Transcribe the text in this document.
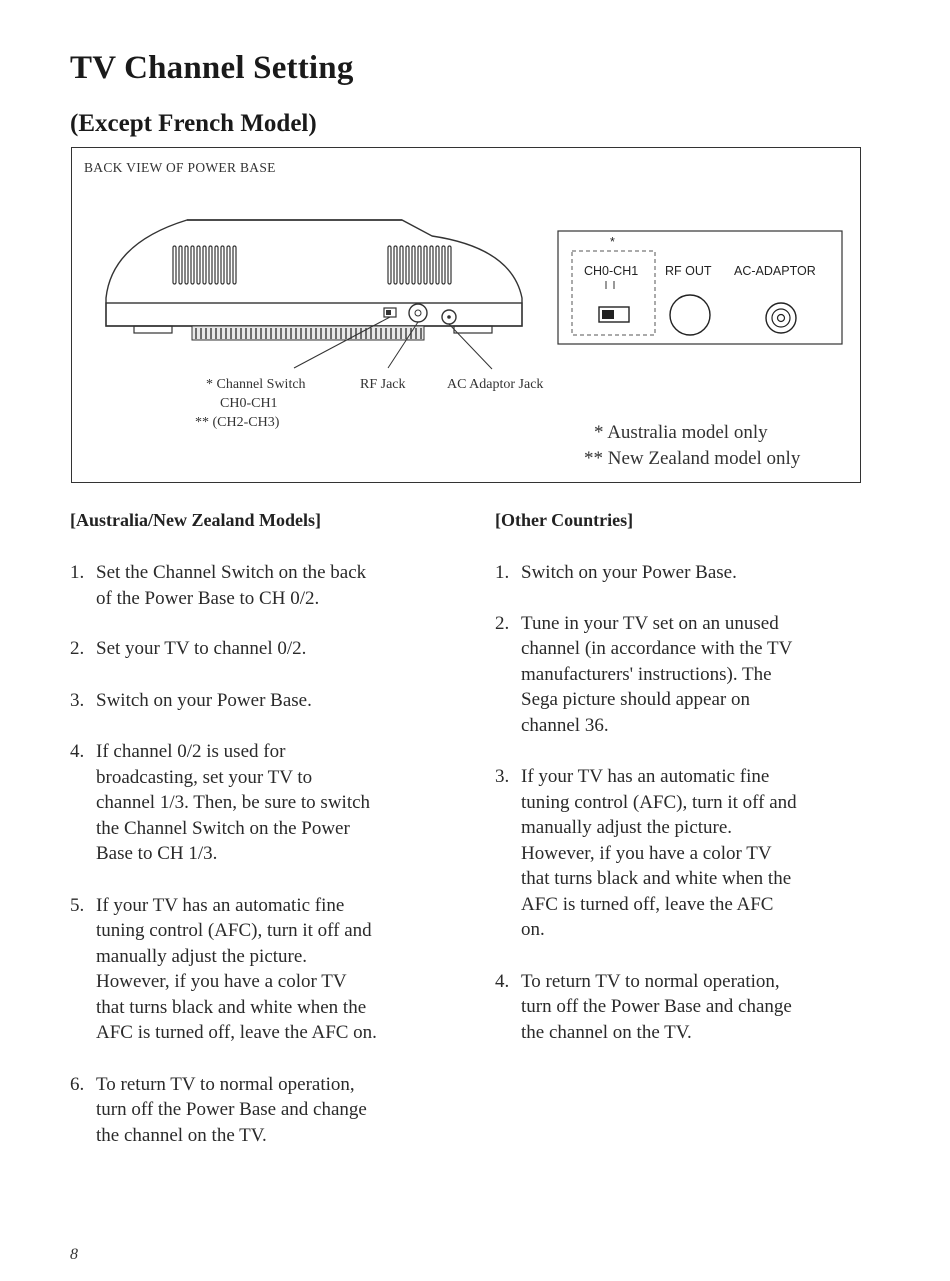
TV Channel Setting
(Except French Model)
BACK VIEW OF POWER BASE
*
CH0-CH1 RF OUT AC-ADAPTOR
* Channel Switch
CH0-CH1
** (CH2-CH3)
RF Jack	AC Adaptor Jack
* Australia model only
** New Zealand model only
[Australia/New Zealand Models]
1. Set the Channel Switch on the back
of the Power Base to CH 0/2.
2. Set your TV to channel 0/2.
3. Switch on your Power Base.
4. If channel 0/2 is used for
broadcasting, set your TV to
channel 1/3. Then, be sure to switch
the Channel Switch on the Power
Base to CH 1/3.
5. If your TV has an automatic fine
tuning control (AFC), turn it off and
manually adjust the picture.
However, if you have a color TV
that turns black and white when the
AFC is turned off, leave the AFC on.
6. To return TV to normal operation,
turn off the Power Base and change
the channel on the TV.
[Other Countries]
1. Switch on your Power Base.
2. Tune in your TV set on an unused
channel (in accordance with the TV
manufacturers' instructions). The
Sega picture should appear on
channel 36.
3. If your TV has an automatic fine
tuning control (AFC), turn it off and
manually adjust the picture.
However, if you have a color TV
that turns black and white when the
AFC is turned off, leave the AFC
on.
4. To return TV to normal operation,
turn off the Power Base and change
the channel on the TV.
8
